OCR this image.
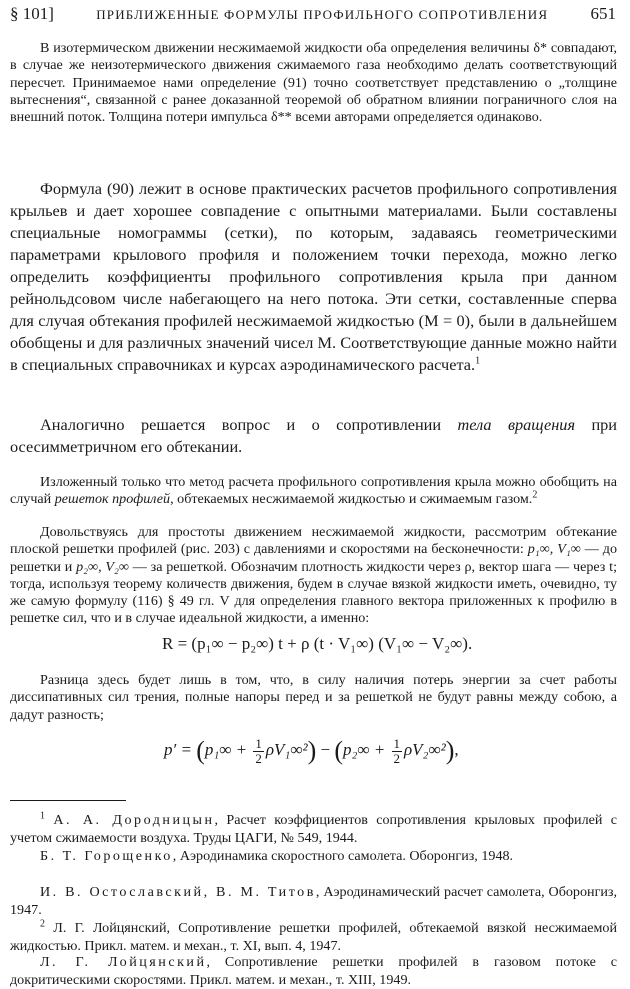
§ 101]	ПРИБЛИЖЕННЫЕ ФОРМУЛЫ ПРОФИЛЬНОГО СОПРОТИВЛЕНИЯ 651

В изотермическом движении несжимаемой жидкости оба определения величины δ* совпадают, в случае же неизотермического движения сжимаемого газа необходимо делать соответствующий пересчет. Принимаемое нами определение (91) точно соответствует представлению о „толщине вытеснения“, связанной с ранее доказанной теоремой об обратном влиянии пограничного слоя на внешний поток. Толщина потери импульса δ** всеми авторами определяется одинаково.

Формула (90) лежит в основе практических расчетов профильного сопротивления крыльев и дает хорошее совпадение с опытными материалами. Были составлены специальные номограммы (сетки), по которым, задаваясь геометрическими параметрами крылового профиля и положением точки перехода, можно легко определить коэффициенты профильного сопротивления крыла при данном рейнольдсовом числе набегающего на него потока. Эти сетки, составленные сперва для случая обтекания профилей несжимаемой жидкостью (M = 0), были в дальнейшем обобщены и для различных значений чисел M. Соответствующие данные можно найти в специальных справочниках и курсах аэродинамического расчета.$^1$

Аналогично решается вопрос и о сопротивлении тела вращения при осесимметричном его обтекании.

Изложенный только что метод расчета профильного сопротивления крыла можно обобщить на случай решеток профилей, обтекаемых несжимаемой жидкостью и сжимаемым газом.$^2$

Довольствуясь для простоты движением несжимаемой жидкости, рассмотрим обтекание плоской решетки профилей (рис. 203) с давлениями и скоростями на бесконечности: p₁∞, V₁∞ — до решетки и p₂∞, V₂∞ — за решеткой. Обозначим плотность жидкости через ρ, вектор шага — через t; тогда, используя теорему количеств движения, будем в случае вязкой жидкости иметь, очевидно, ту же самую формулу (116) § 49 гл. V для определения главного вектора приложенных к профилю в решетке сил, что и в случае идеальной жидкости, а именно:

R = (p₁∞ − p₂∞) t + ρ (t · V₁∞) (V₁∞ − V₂∞).

Разница здесь будет лишь в том, что, в силу наличия потерь энергии за счет работы диссипативных сил трения, полные напоры перед и за решеткой не будут равны между собою, а дадут разность;

$p' = (p_1\infty + \frac{1}{2} \rho V_1\infty^2) - (p_2\infty + \frac{1}{2} \rho V_2\infty^2)$,

$^1$ А. А. Дородницын, Расчет коэффициентов сопротивления крыловых профилей с учетом сжимаемости воздуха. Труды ЦАГИ, № 549, 1944.

Б. Т. Горощенко, Аэродинамика скоростного самолета. Оборонгиз, 1948.

И. В. Остославский, В. М. Титов, Аэродинамический расчет самолета, Оборонгиз, 1947.

$^2$ Л. Г. Лойцянский, Сопротивление решетки профилей, обтекаемой вязкой несжимаемой жидкостью. Прикл. матем. и механ., т. XI, вып. 4, 1947.

Л. Г. Лойцянский, Сопротивление решетки профилей в газовом потоке с докритическими скоростями. Прикл. матем. и механ., т. XIII, 1949.
